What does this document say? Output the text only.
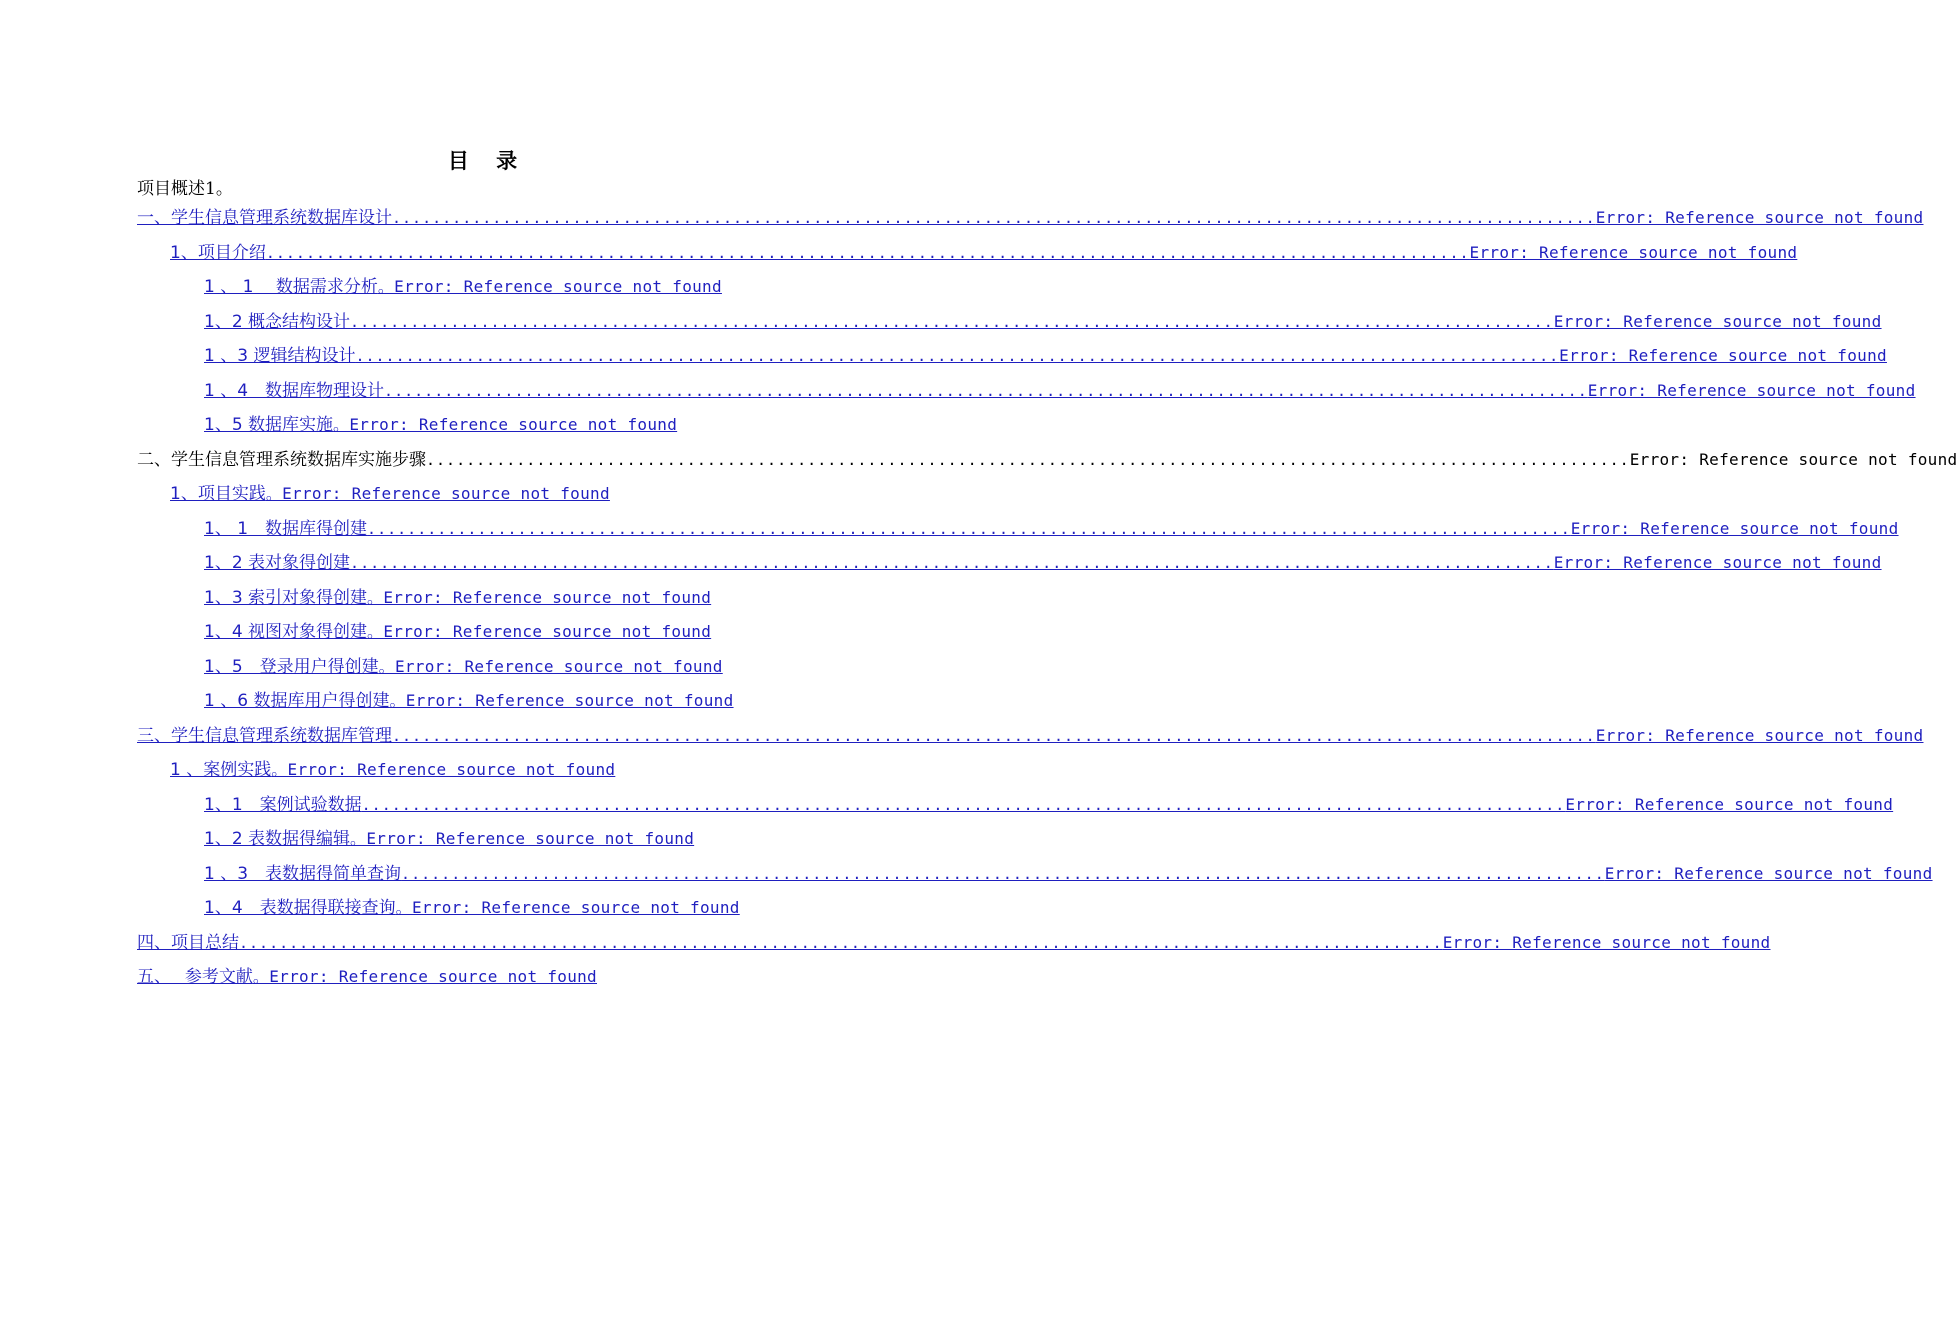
目 录
项目概述1。
一、学生信息管理系统数据库设计 ........................................................................................................................ Error: Reference source not found
1、项目介绍 ........................................................................................................................ Error: Reference source not found
1 、 1　 数据需求分析 。Error: Reference source not found
1、2 概念结构设计 ........................................................................................................................ Error: Reference source not found
1 、3 逻辑结构设计 ........................................................................................................................ Error: Reference source not found
1 、4　数据库物理设计 ........................................................................................................................ Error: Reference source not found
1、5 数据库实施 。Error: Reference source not found
二、学生信息管理系统数据库实施步骤 ........................................................................................................................ Error: Reference source not found
1、项目实践 。Error: Reference source not found
1、 1　数据库得创建 ........................................................................................................................ Error: Reference source not found
1、2 表对象得创建 ........................................................................................................................ Error: Reference source not found
1、3 索引对象得创建 。Error: Reference source not found
1、4 视图对象得创建 。Error: Reference source not found
1、5　登录用户得创建 。Error: Reference source not found
1 、6 数据库用户得创建 。Error: Reference source not found
三、学生信息管理系统数据库管理 ........................................................................................................................ Error: Reference source not found
1 、案例实践 。Error: Reference source not found
1、1　案例试验数据 ........................................................................................................................ Error: Reference source not found
1、2 表数据得编辑 。Error: Reference source not found
1 、3　表数据得简单查询 ........................................................................................................................ Error: Reference source not found
1、4　表数据得联接查询 。Error: Reference source not found
四、项目总结 ........................................................................................................................ Error: Reference source not found
五、　 参考文献 。Error: Reference source not found
